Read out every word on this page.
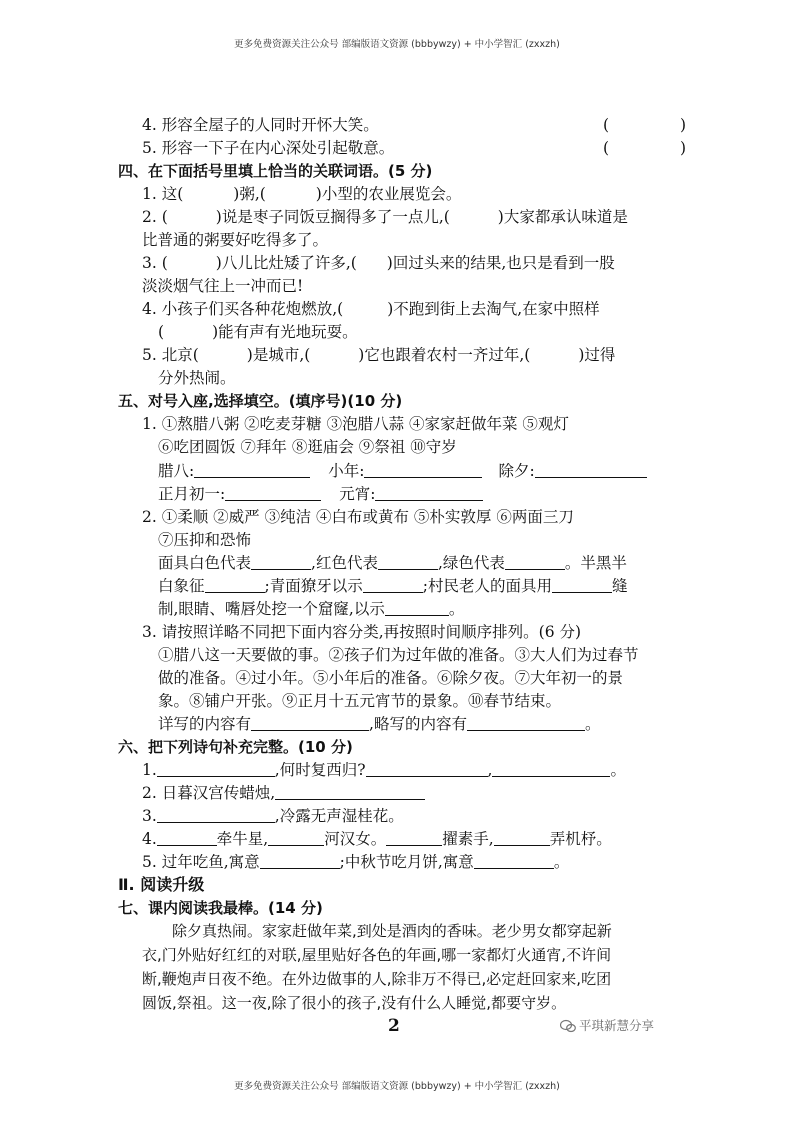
更多免费资源关注公众号 部编版语文资源 (bbbywzy) + 中小学智汇 (zxxzh)
4. 形容全屋子的人同时开怀大笑。	(	)
5. 形容一下子在内心深处引起敬意。	(	)
四、在下面括号里填上恰当的关联词语。(5 分)
1. 这(	)粥,(	)小型的农业展览会。
2. (	)说是枣子同饭豆搁得多了一点儿,(	)大家都承认味道是
比普通的粥要好吃得多了。
3. (	)八儿比灶矮了许多,( )回过头来的结果,也只是看到一股
淡淡烟气往上一冲而已!
4. 小孩子们买各种花炮燃放,(	)不跑到街上去淘气,在家中照样
(	)能有声有光地玩耍。
5. 北京(	)是城市,(	)它也跟着农村一齐过年,(	)过得
分外热闹。
五、对号入座,选择填空。(填序号)(10 分)
1. ①熬腊八粥 ②吃麦芽糖 ③泡腊八蒜 ④家家赶做年菜 ⑤观灯
⑥吃团圆饭 ⑦拜年 ⑧逛庙会 ⑨祭祖 ⑩守岁
腊八:	小年:	除夕:
正月初一:	元宵:
2. ①柔顺 ②威严 ③纯洁 ④白布或黄布 ⑤朴实敦厚 ⑥两面三刀
⑦压抑和恐怖
面具白色代表	,红色代表	,绿色代表	。半黑半
白象征	;青面獠牙以示	;村民老人的面具用	缝
制,眼睛、嘴唇处挖一个窟窿,以示	。
3. 请按照详略不同把下面内容分类,再按照时间顺序排列。(6 分)
①腊八这一天要做的事。②孩子们为过年做的准备。③大人们为过春节
做的准备。④过小年。⑤小年后的准备。⑥除夕夜。⑦大年初一的景
象。⑧铺户开张。⑨正月十五元宵节的景象。⑩春节结束。
详写的内容有	,略写的内容有	。
六、把下列诗句补充完整。(10 分)
1.	,何时复西归?	,	。
2. 日暮汉宫传蜡烛,
3.	,冷露无声湿桂花。
4.	牵牛星,	河汉女。	擢素手,	弄机杼。
5. 过年吃鱼,寓意	;中秋节吃月饼,寓意	。
Ⅱ. 阅读升级
七、课内阅读我最棒。(14 分)
除夕真热闹。家家赶做年菜,到处是酒肉的香味。老少男女都穿起新
衣,门外贴好红红的对联,屋里贴好各色的年画,哪一家都灯火通宵,不许间
断,鞭炮声日夜不绝。在外边做事的人,除非万不得已,必定赶回家来,吃团
圆饭,祭祖。这一夜,除了很小的孩子,没有什么人睡觉,都要守岁。
2	平琪新慧分享
更多免费资源关注公众号 部编版语文资源 (bbbywzy) + 中小学智汇 (zxxzh)
